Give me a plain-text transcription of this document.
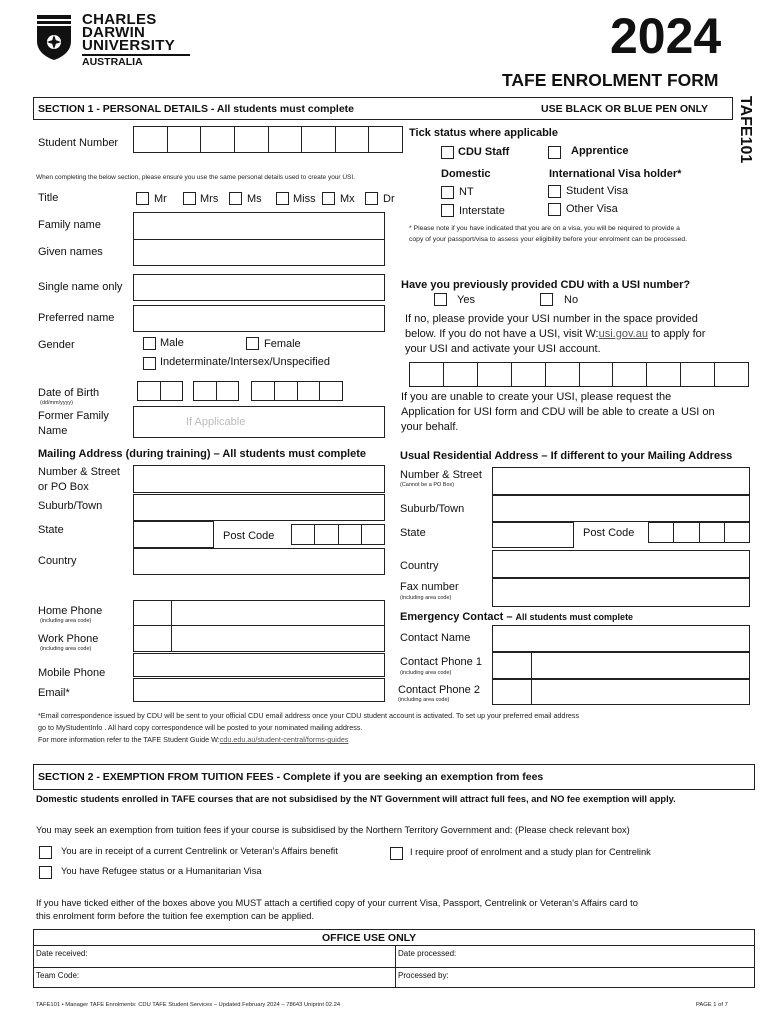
CHARLES
DARWIN
UNIVERSITY
AUSTRALIA	2024
TAFE ENROLMENT FORM
TAFE101
SECTION 1 - PERSONAL DETAILS - All students must complete	USE BLACK OR BLUE PEN ONLY
Student Number
When completing the below section, please ensure you use the same personal details used to create your USI.
Title	Mr	Mrs	Ms	Miss Mx	Dr
Family name
Given names
Single name only
Preferred name
Gender	Male	Female
Indeterminate/Intersex/Unspecified
Date of Birth
(dd/mm/yyyy)
Former Family
Name
If Applicable
Tick status where applicable
CDU Staff	Apprentice
Domestic	International Visa holder*
NT
Interstate
Student Visa
Other Visa
* Please note if you have indicated that you are on a visa, you will be required to provide a
copy of your passport/visa to assess your eligibility before your enrolment can be processed.
Have you previously provided CDU with a USI number?
Yes	No
If no, please provide your USI number in the space provided
below. If you do not have a USI, visit W:usi.gov.au to apply for
your USI and activate your USI account.
If you are unable to create your USI, please request the
Application for USI form and CDU will be able to create a USI on
your behalf.
Mailing Address (during training) – All students must complete
Number & Street
or PO Box
Suburb/Town
State	Post Code
Country
Home Phone
(including area code)
Work Phone
(including area code)
Mobile Phone
Email*
Usual Residential Address – If different to your Mailing Address
Number & Street
(Cannot be a PO Box)
Suburb/Town
State	Post Code
Country
Fax number
(including area code)
Emergency Contact – All students must complete
Contact Name
Contact Phone 1
(including area code)
Contact Phone 2
(including area code)
*Email correspondence issued by CDU will be sent to your official CDU email address once your CDU student account is activated. To set up your preferred email address
go to MyStudentInfo . All hard copy correspondence will be posted to your nominated mailing address.
For more information refer to the TAFE Student Guide W:cdu.edu.au/student-central/forms-guides
SECTION 2 - EXEMPTION FROM TUITION FEES - Complete if you are seeking an exemption from fees
Domestic students enrolled in TAFE courses that are not subsidised by the NT Government will attract full fees, and NO fee exemption will apply.
You may seek an exemption from tuition fees if your course is subsidised by the Northern Territory Government and: (Please check relevant box)
You are in receipt of a current Centrelink or Veteran’s Affairs benefit	I require proof of enrolment and a study plan for Centrelink
You have Refugee status or a Humanitarian Visa
If you have ticked either of the boxes above you MUST attach a certified copy of your current Visa, Passport, Centrelink or Veteran’s Affairs card to
this enrolment form before the tuition fee exemption can be applied.
OFFICE USE ONLY
Date received:	Date processed:
Team Code:	Processed by:
TAFE101 • Manager TAFE Enrolments: CDU TAFE Student Services – Updated February 2024 – 78643 Uniprint 02.24	PAGE 1 of 7
